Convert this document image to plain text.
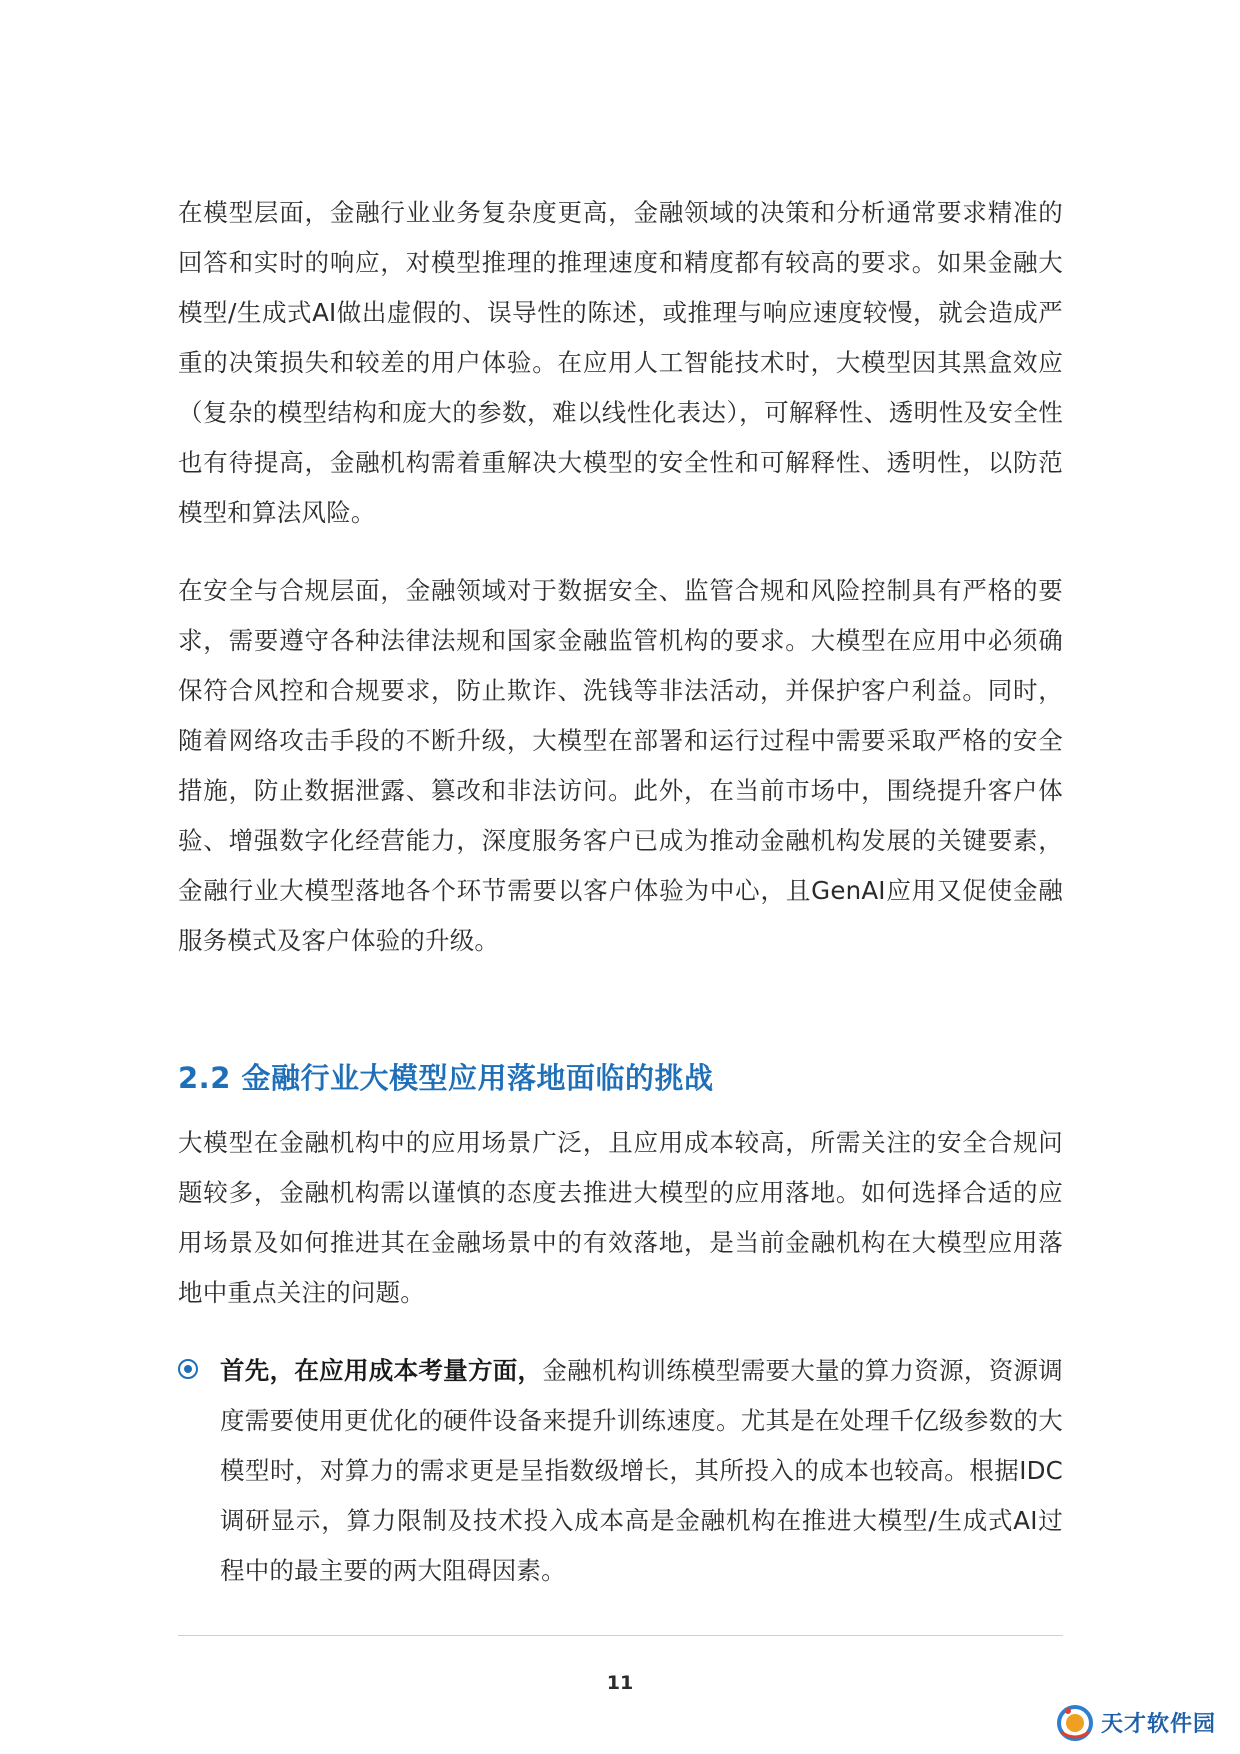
在模型层面，金融行业业务复杂度更高，金融领域的决策和分析通常要求精准的回答和实时的响应，对模型推理的推理速度和精度都有较高的要求。如果金融大模型/生成式AI做出虚假的、误导性的陈述，或推理与响应速度较慢，就会造成严重的决策损失和较差的用户体验。在应用人工智能技术时，大模型因其黑盒效应（复杂的模型结构和庞大的参数，难以线性化表达），可解释性、透明性及安全性也有待提高，金融机构需着重解决大模型的安全性和可解释性、透明性，以防范模型和算法风险。

在安全与合规层面，金融领域对于数据安全、监管合规和风险控制具有严格的要求，需要遵守各种法律法规和国家金融监管机构的要求。大模型在应用中必须确保符合风控和合规要求，防止欺诈、洗钱等非法活动，并保护客户利益。同时，随着网络攻击手段的不断升级，大模型在部署和运行过程中需要采取严格的安全措施，防止数据泄露、篡改和非法访问。此外，在当前市场中，围绕提升客户体验、增强数字化经营能力，深度服务客户已成为推动金融机构发展的关键要素，金融行业大模型落地各个环节需要以客户体验为中心，且GenAI应用又促使金融服务模式及客户体验的升级。

2.2 金融行业大模型应用落地面临的挑战

大模型在金融机构中的应用场景广泛，且应用成本较高，所需关注的安全合规问题较多，金融机构需以谨慎的态度去推进大模型的应用落地。如何选择合适的应用场景及如何推进其在金融场景中的有效落地，是当前金融机构在大模型应用落地中重点关注的问题。

首先，在应用成本考量方面，金融机构训练模型需要大量的算力资源，资源调度需要使用更优化的硬件设备来提升训练速度。尤其是在处理千亿级参数的大模型时，对算力的需求更是呈指数级增长，其所投入的成本也较高。根据IDC调研显示，算力限制及技术投入成本高是金融机构在推进大模型/生成式AI过程中的最主要的两大阻碍因素。

11
天才软件园
